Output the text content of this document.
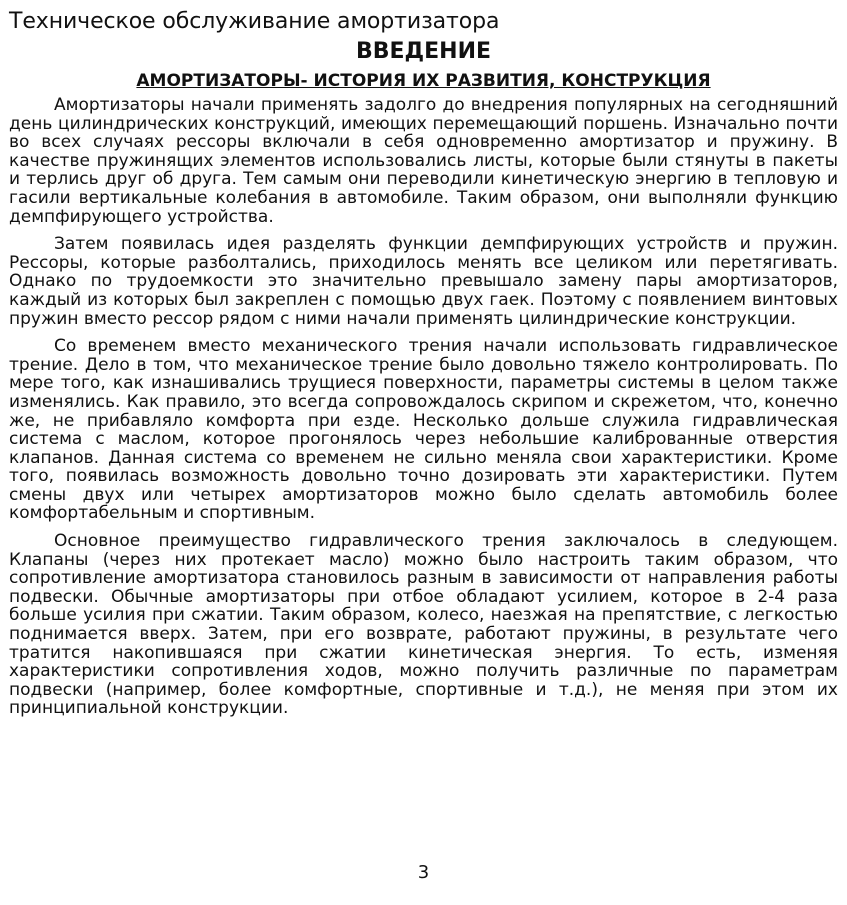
Техническое обслуживание амортизатора
ВВЕДЕНИЕ
АМОРТИЗАТОРЫ- ИСТОРИЯ ИХ РАЗВИТИЯ, КОНСТРУКЦИЯ

Амортизаторы начали применять задолго до внедрения популярных на сегодняшний день цилиндрических конструкций, имеющих перемещающий поршень. Изначально почти во всех случаях рессоры включали в себя одновременно амортизатор и пружину. В качестве пружинящих элементов использовались листы, которые были стянуты в пакеты и терлись друг об друга. Тем самым они переводили кинетическую энергию в тепловую и гасили вертикальные колебания в автомобиле. Таким образом, они выполняли функцию демпфирующего устройства.

Затем появилась идея разделять функции демпфирующих устройств и пружин. Рессоры, которые разболтались, приходилось менять все целиком или перетягивать. Однако по трудоемкости это значительно превышало замену пары амортизаторов, каждый из которых был закреплен с помощью двух гаек. Поэтому с появлением винтовых пружин вместо рессор рядом с ними начали применять цилиндрические конструкции.

Со временем вместо механического трения начали использовать гидравлическое трение. Дело в том, что механическое трение было довольно тяжело контролировать. По мере того, как изнашивались трущиеся поверхности, параметры системы в целом также изменялись. Как правило, это всегда сопровождалось скрипом и скрежетом, что, конечно же, не прибавляло комфорта при езде. Несколько дольше служила гидравлическая система с маслом, которое прогонялось через небольшие калиброванные отверстия клапанов. Данная система со временем не сильно меняла свои характеристики. Кроме того, появилась возможность довольно точно дозировать эти характеристики. Путем смены двух или четырех амортизаторов можно было сделать автомобиль более комфортабельным и спортивным.

Основное преимущество гидравлического трения заключалось в следующем. Клапаны (через них протекает масло) можно было настроить таким образом, что сопротивление амортизатора становилось разным в зависимости от направления работы подвески. Обычные амортизаторы при отбое обладают усилием, которое в 2-4 раза больше усилия при сжатии. Таким образом, колесо, наезжая на препятствие, с легкостью поднимается вверх. Затем, при его возврате, работают пружины, в результате чего тратится накопившаяся при сжатии кинетическая энергия. То есть, изменяя характеристики сопротивления ходов, можно получить различные по параметрам подвески (например, более комфортные, спортивные и т.д.), не меняя при этом их принципиальной конструкции.

3
